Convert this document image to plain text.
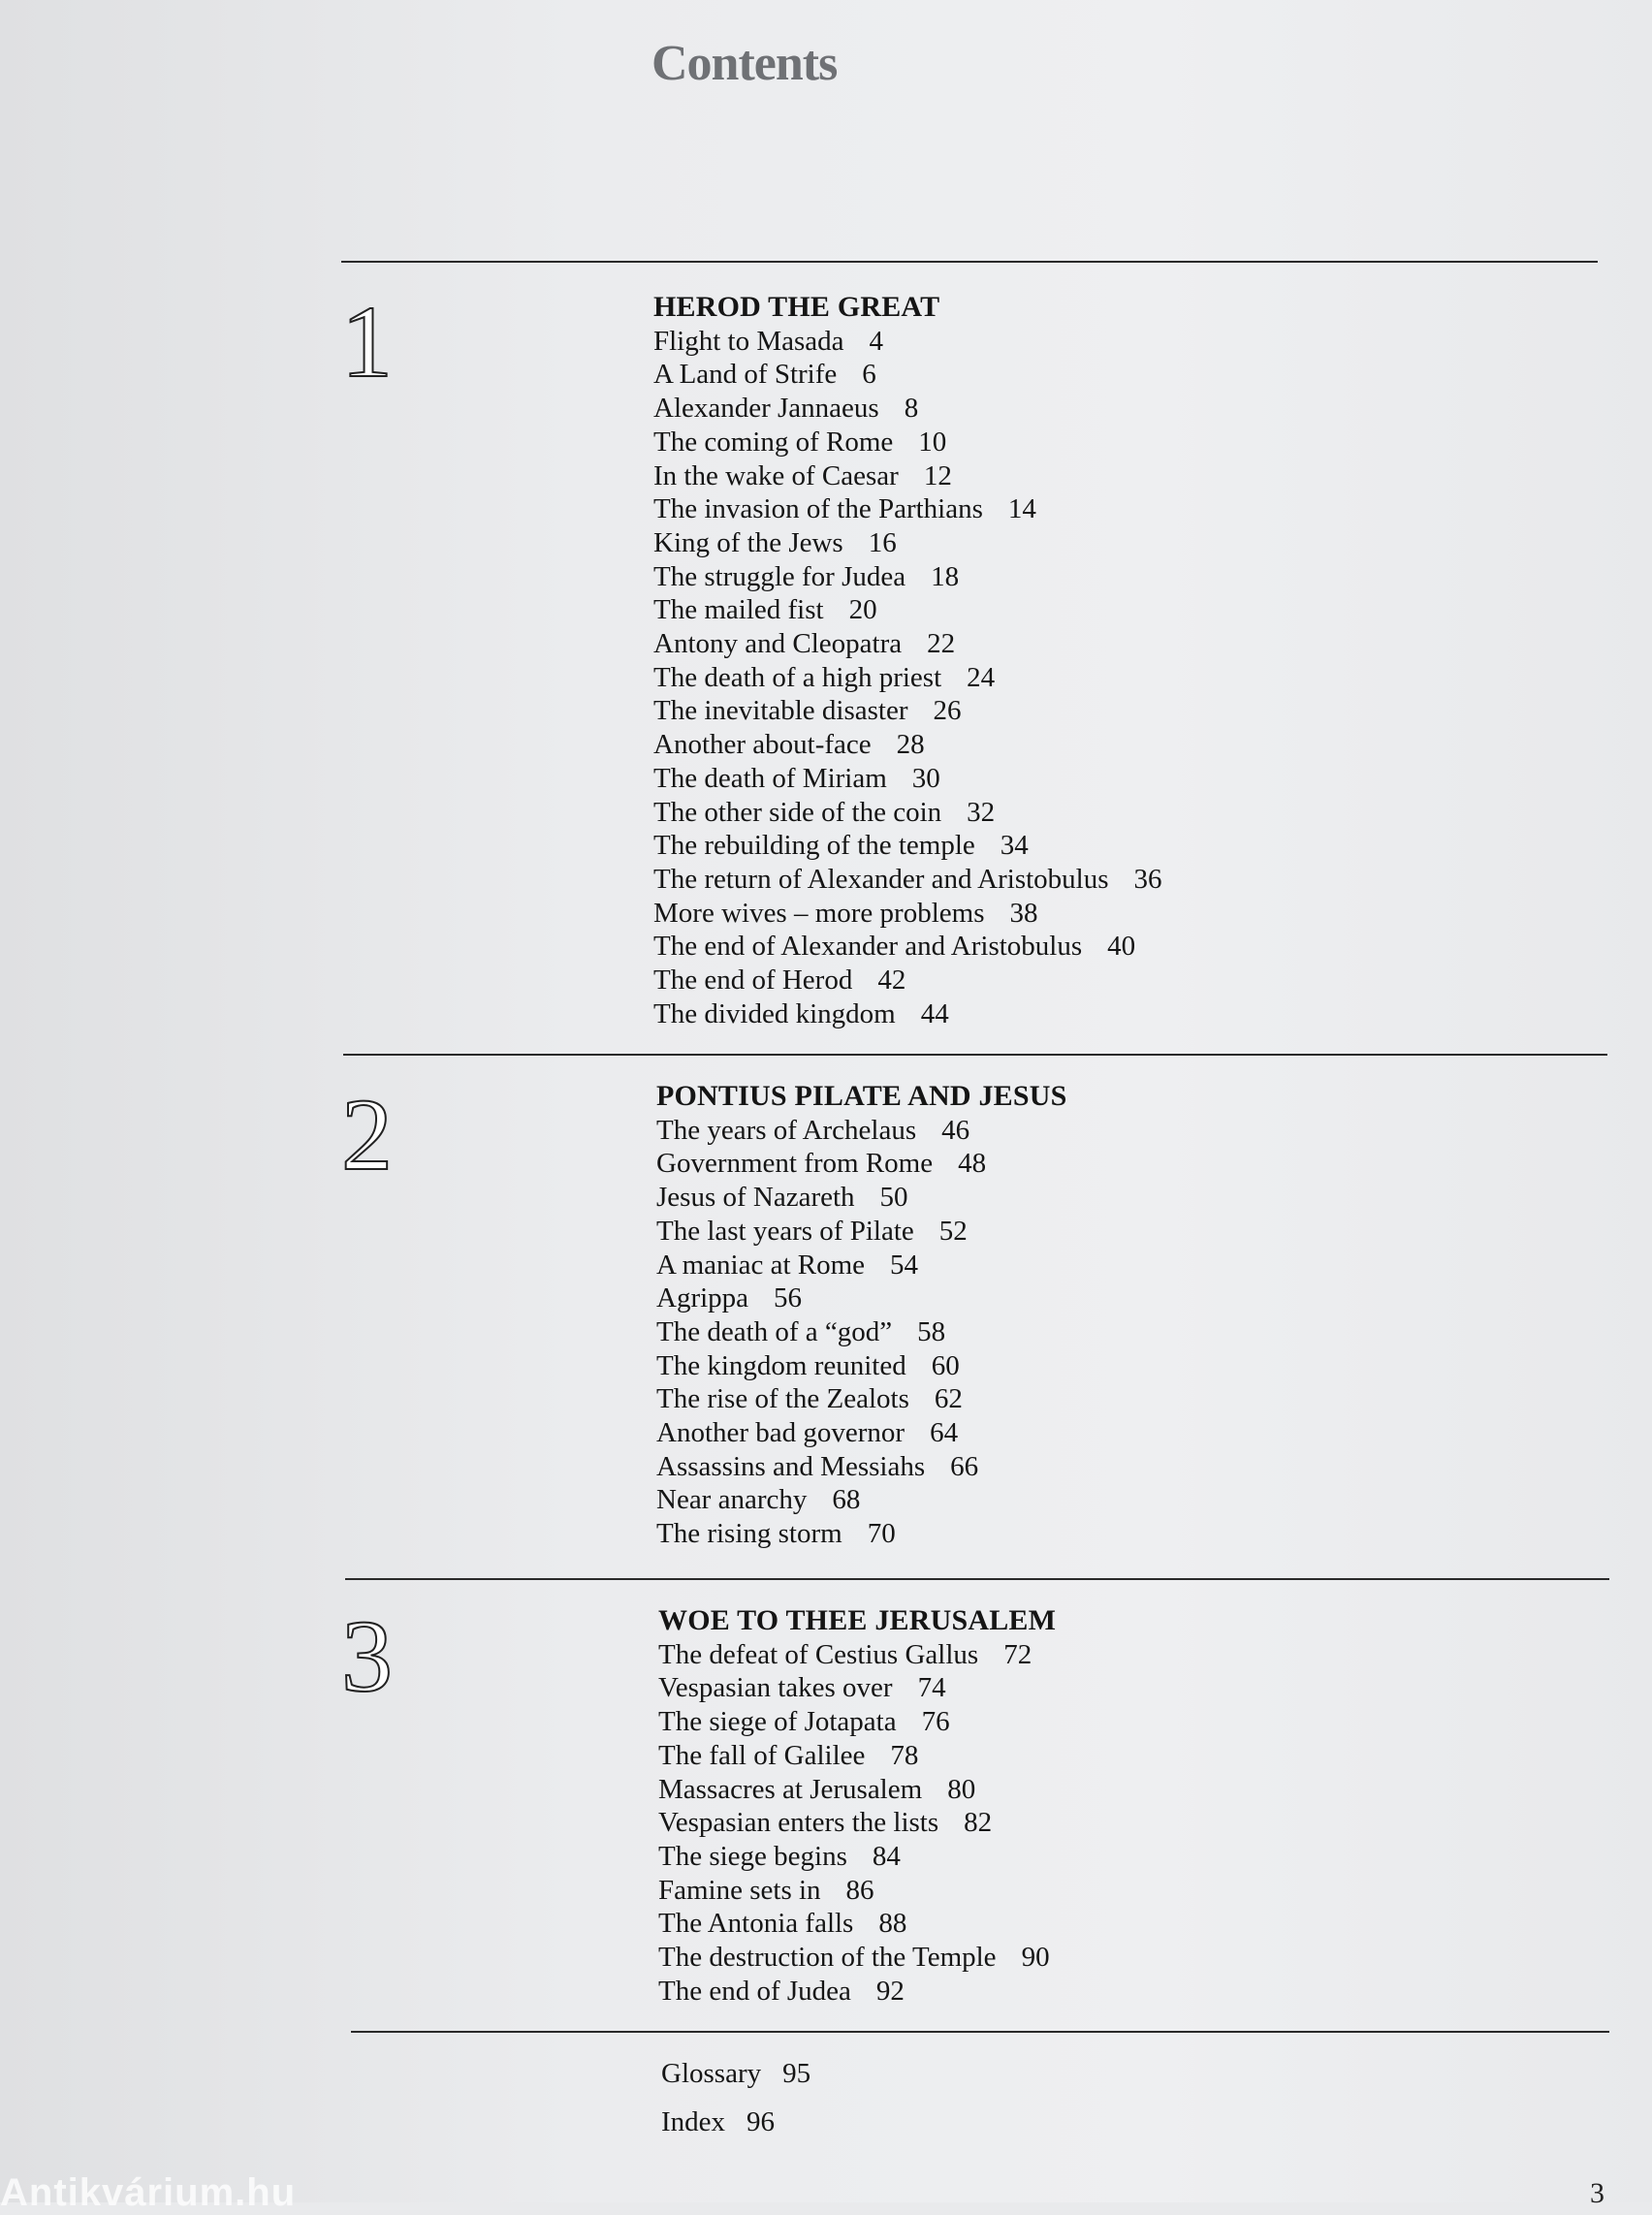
Contents
1	HEROD THE GREAT
Flight to Masada 4
A Land of Strife 6
Alexander Jannaeus 8
The coming of Rome 10
In the wake of Caesar 12
The invasion of the Parthians 14
King of the Jews 16
The struggle for Judea 18
The mailed fist 20
Antony and Cleopatra 22
The death of a high priest 24
The inevitable disaster 26
Another about-face 28
The death of Miriam 30
The other side of the coin 32
The rebuilding of the temple 34
The return of Alexander and Aristobulus 36
More wives – more problems 38
The end of Alexander and Aristobulus 40
The end of Herod 42
The divided kingdom 44
2	PONTIUS PILATE AND JESUS
The years of Archelaus 46
Government from Rome 48
Jesus of Nazareth 50
The last years of Pilate 52
A maniac at Rome 54
Agrippa 56
The death of a “god” 58
The kingdom reunited 60
The rise of the Zealots 62
Another bad governor 64
Assassins and Messiahs 66
Near anarchy 68
The rising storm 70
3	WOE TO THEE JERUSALEM
The defeat of Cestius Gallus 72
Vespasian takes over 74
The siege of Jotapata 76
The fall of Galilee 78
Massacres at Jerusalem 80
Vespasian enters the lists 82
The siege begins 84
Famine sets in 86
The Antonia falls 88
The destruction of the Temple 90
The end of Judea 92
Glossary 95
Index 96
Antikvárium.hu	3
